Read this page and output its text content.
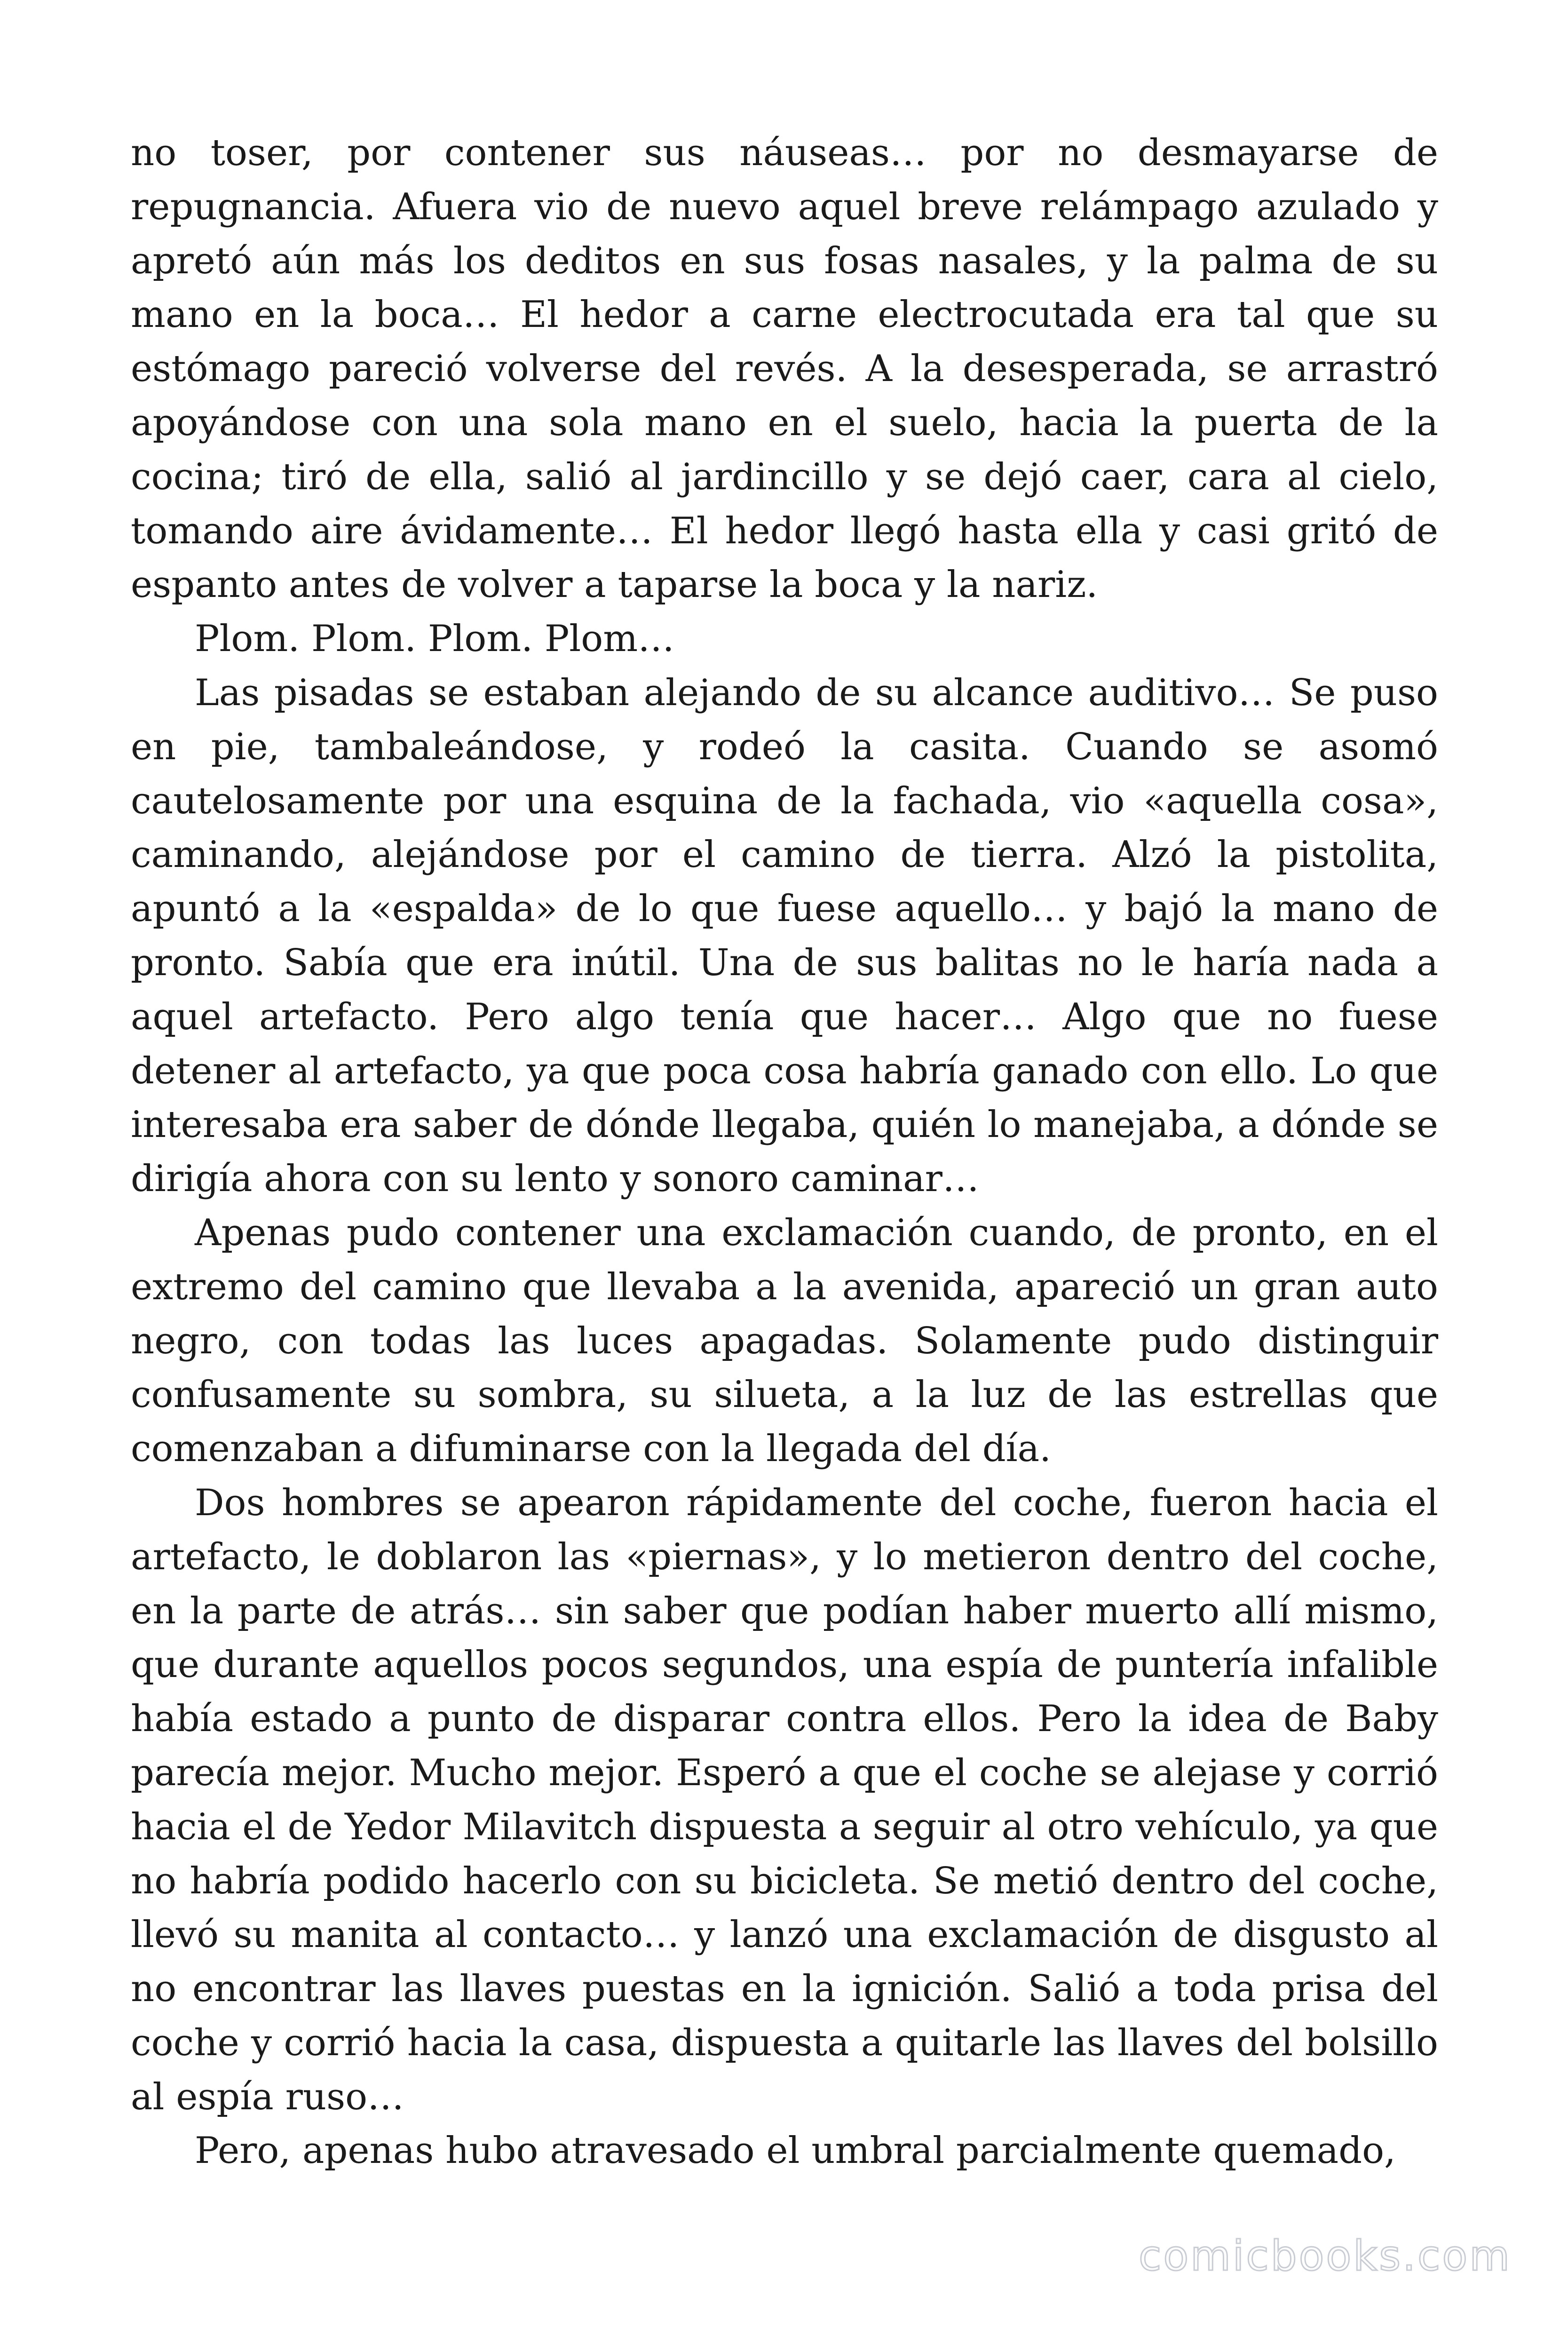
no toser, por contener sus náuseas… por no desmayarse de repugnancia. Afuera vio de nuevo aquel breve relámpago azulado y apretó aún más los deditos en sus fosas nasales, y la palma de su mano en la boca… El hedor a carne electrocutada era tal que su estómago pareció volverse del revés. A la desesperada, se arrastró apoyándose con una sola mano en el suelo, hacia la puerta de la cocina; tiró de ella, salió al jardincillo y se dejó caer, cara al cielo, tomando aire ávidamente… El hedor llegó hasta ella y casi gritó de espanto antes de volver a taparse la boca y la nariz.

Plom. Plom. Plom. Plom…

Las pisadas se estaban alejando de su alcance auditivo… Se puso en pie, tambaleándose, y rodeó la casita. Cuando se asomó cautelosamente por una esquina de la fachada, vio «aquella cosa», caminando, alejándose por el camino de tierra. Alzó la pistolita, apuntó a la «espalda» de lo que fuese aquello… y bajó la mano de pronto. Sabía que era inútil. Una de sus balitas no le haría nada a aquel artefacto. Pero algo tenía que hacer… Algo que no fuese detener al artefacto, ya que poca cosa habría ganado con ello. Lo que interesaba era saber de dónde llegaba, quién lo manejaba, a dónde se dirigía ahora con su lento y sonoro caminar…

Apenas pudo contener una exclamación cuando, de pronto, en el extremo del camino que llevaba a la avenida, apareció un gran auto negro, con todas las luces apagadas. Solamente pudo distinguir confusamente su sombra, su silueta, a la luz de las estrellas que comenzaban a difuminarse con la llegada del día.

Dos hombres se apearon rápidamente del coche, fueron hacia el artefacto, le doblaron las «piernas», y lo metieron dentro del coche, en la parte de atrás… sin saber que podían haber muerto allí mismo, que durante aquellos pocos segundos, una espía de puntería infalible había estado a punto de disparar contra ellos. Pero la idea de Baby parecía mejor. Mucho mejor. Esperó a que el coche se alejase y corrió hacia el de Yedor Milavitch dispuesta a seguir al otro vehículo, ya que no habría podido hacerlo con su bicicleta. Se metió dentro del coche, llevó su manita al contacto… y lanzó una exclamación de disgusto al no encontrar las llaves puestas en la ignición. Salió a toda prisa del coche y corrió hacia la casa, dispuesta a quitarle las llaves del bolsillo al espía ruso…

Pero, apenas hubo atravesado el umbral parcialmente quemado,

comicbooks.com
